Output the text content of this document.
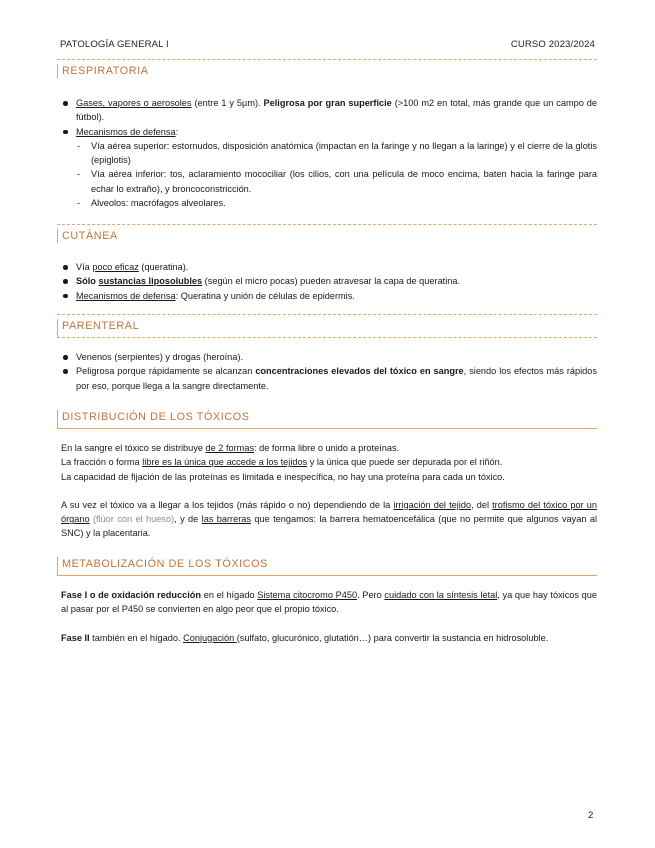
PATOLOGÍA GENERAL I	CURSO 2023/2024
RESPIRATORIA
Gases, vapores o aerosoles (entre 1 y 5µm). Peligrosa por gran superficie (>100 m2 en total, más grande que un campo de fútbol).
Mecanismos de defensa:
- Vía aérea superior: estornudos, disposición anatómica (impactan en la faringe y no llegan a la laringe) y el cierre de la glotis (epiglotis)
- Vía aérea inferior: tos, aclaramiento mocociliar (los cilios, con una película de moco encima, baten hacia la faringe para echar lo extraño), y broncoconstricción.
- Alveolos: macrófagos alveolares.
CUTÁNEA
Vía poco eficaz (queratina).
Sólo sustancias liposolubles (según el micro pocas) pueden atravesar la capa de queratina.
Mecanismos de defensa: Queratina y unión de células de epidermis.
PARENTERAL
Venenos (serpientes) y drogas (heroína).
Peligrosa porque rápidamente se alcanzan concentraciones elevados del tóxico en sangre, siendo los efectos más rápidos por eso, porque llega a la sangre directamente.
DISTRIBUCIÓN DE LOS TÓXICOS

En la sangre el tóxico se distribuye de 2 formas: de forma libre o unido a proteínas.

La fracción o forma libre es la única que accede a los tejidos y la única que puede ser depurada por el riñón.

La capacidad de fijación de las proteínas es limitada e inespecífica, no hay una proteína para cada un tóxico.

A su vez el tóxico va a llegar a los tejidos (más rápido o no) dependiendo de la irrigación del tejido, del trofismo del tóxico por un órgano (flúor con el hueso), y de las barreras que tengamos: la barrera hematoencefálica (que no permite que algunos vayan al SNC) y la placentaria.

METABOLIZACIÓN DE LOS TÓXICOS

Fase I o de oxidación reducción en el hígado Sistema citocromo P450. Pero cuidado con la síntesis letal, ya que hay tóxicos que al pasar por el P450 se convierten en algo peor que el propio tóxico.

Fase II también en el hígado. Conjugación (sulfato, glucurónico, glutatión…) para convertir la sustancia en hidrosoluble.

2
